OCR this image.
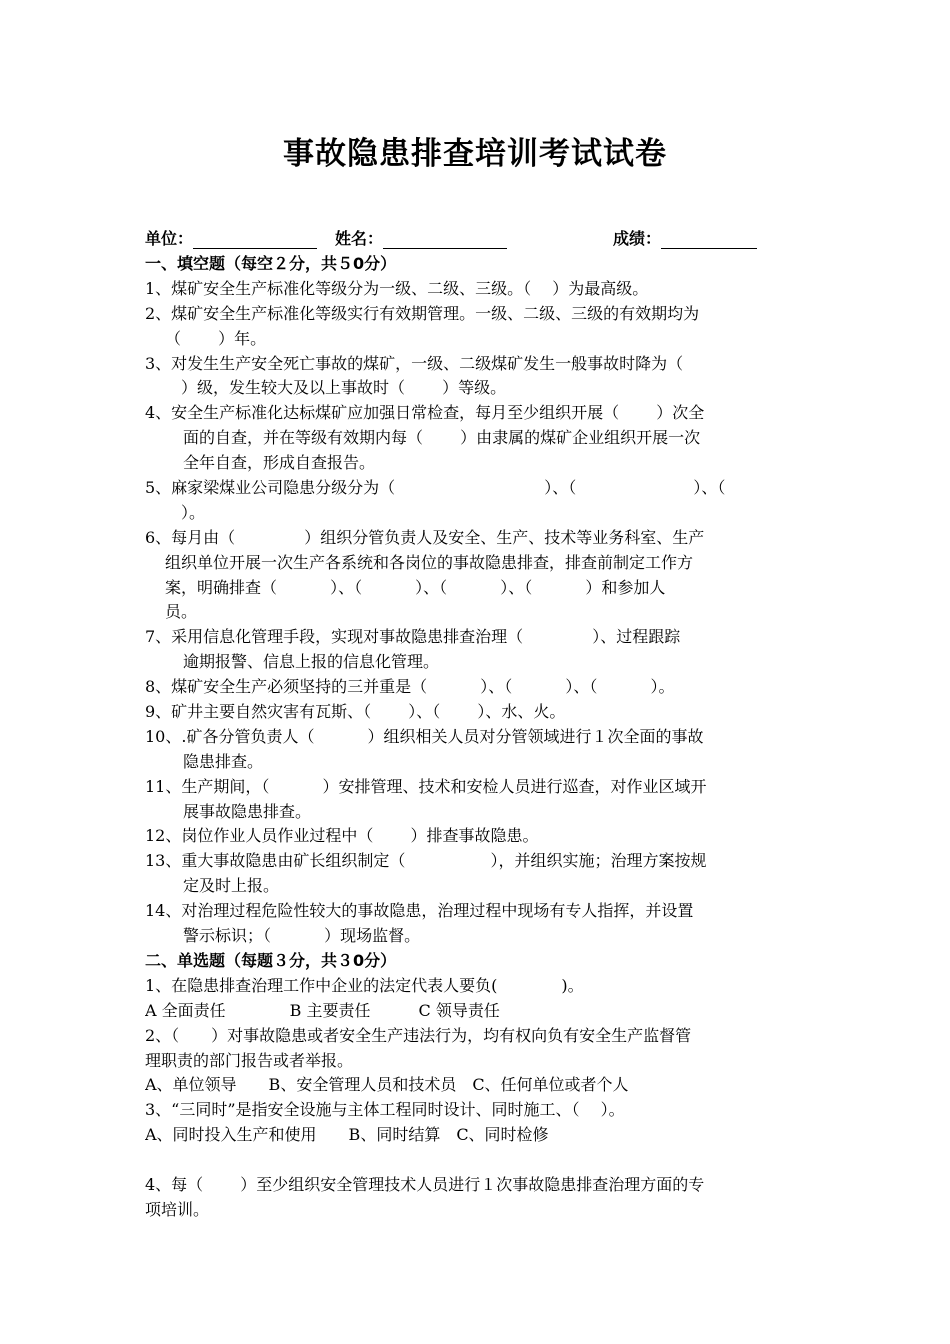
事故隐患排查培训考试试卷
单位：	姓名：	成绩：
一、填空题（每空２分，共５0分）
1、煤矿安全生产标准化等级分为一级、二级、三级。（　 ）为最高级。
2、煤矿安全生产标准化等级实行有效期管理。一级、二级、三级的有效期均为
（　　 ）年。
3、对发生生产安全死亡事故的煤矿，一级、二级煤矿发生一般事故时降为（
　）级，发生较大及以上事故时（　　 ）等级。
4、安全生产标准化达标煤矿应加强日常检查，每月至少组织开展（　　 ）次全
面的自查，并在等级有效期内每（　　 ）由隶属的煤矿企业组织开展一次
全年自查，形成自查报告。
5、麻家梁煤业公司隐患分级分为（　　　　　　　　　 ）、（　　　　　　　 ）、（
　）。
6、每月由（　　　　 ）组织分管负责人及安全、生产、技术等业务科室、生产
组织单位开展一次生产各系统和各岗位的事故隐患排查，排查前制定工作方
案，明确排查（　　　 ）、（　　　 ）、（　　　 ）、（　　　 ）和参加人
员。
7、采用信息化管理手段，实现对事故隐患排查治理（　　　　 ）、过程跟踪
逾期报警、信息上报的信息化管理。
8、煤矿安全生产必须坚持的三并重是（　　　 ）、（　　　 ）、（　　　 ）。
9、矿井主要自然灾害有瓦斯、（　　 ）、（　　 ）、水、火。
10、.矿各分管负责人（　　　 ）组织相关人员对分管领域进行１次全面的事故
隐患排查。
11、生产期间，（　　　 ）安排管理、技术和安检人员进行巡查，对作业区域开
展事故隐患排查。
12、岗位作业人员作业过程中（　　 ）排查事故隐患。
13、重大事故隐患由矿长组织制定（　　　　　 ），并组织实施；治理方案按规
定及时上报。
14、对治理过程危险性较大的事故隐患，治理过程中现场有专人指挥，并设置
警示标识；（　　　 ）现场监督。
二、单选题（每题３分，共３0分）
1、在隐患排查治理工作中企业的法定代表人要负(　　　　)。
A 全面责任　　　　B 主要责任　　　C 领导责任
2、（　　）对事故隐患或者安全生产违法行为，均有权向负有安全生产监督管
理职责的部门报告或者举报。
A、单位领导　　B、安全管理人员和技术员　C、任何单位或者个人
3、“三同时”是指安全设施与主体工程同时设计、同时施工、（　 ）。
A、同时投入生产和使用　　B、同时结算　C、同时检修
4、每（　　 ）至少组织安全管理技术人员进行１次事故隐患排查治理方面的专
项培训。
